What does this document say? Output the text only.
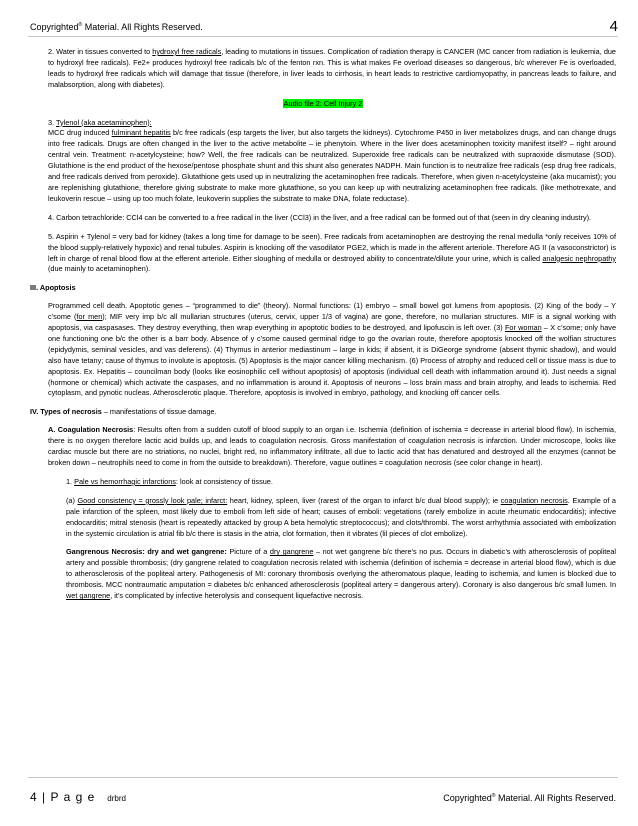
Copyrighted® Material. All Rights Reserved.	4

2. Water in tissues converted to hydroxyl free radicals, leading to mutations in tissues. Complication of radiation therapy is CANCER (MC cancer from radiation is leukemia, due to hydroxyl free radicals). Fe2+ produces hydroxyl free radicals b/c of the fenton rxn. This is what makes Fe overload diseases so dangerous, b/c wherever Fe is overloaded, leads to hydroxyl free radicals which will damage that tissue (therefore, in liver leads to cirrhosis, in heart leads to restrictive cardiomyopathy, in pancreas leads to failure, and malabsorption, along with diabetes).

Audio file 2: Cell Injury 2

3. Tylenol (aka acetaminophen):
MCC drug induced fulminant hepatitis b/c free radicals (esp targets the liver, but also targets the kidneys). Cytochrome P450 in liver metabolizes drugs, and can change drugs into free radicals. Drugs are often changed in the liver to the active metabolite – ie phenytoin. Where in the liver does acetaminophen toxicity manifest itself? – right around central vein. Treatment: n-acetylcysteine; how? Well, the free radicals can be neutralized. Superoxide free radicals can be neutralized with supraoxide dismutase (SOD). Glutathione is the end product of the hexose/pentose phosphate shunt and this shunt also generates NADPH. Main function is to neutralize free radicals (esp drug free radicals, and free radicals derived from peroxide). Glutathione gets used up in neutralizing the acetaminophen free radicals. Therefore, when given n-acetylcysteine (aka mucamist); you are replenishing glutathione, therefore giving substrate to make more glutathione, so you can keep up with neutralizing acetaminophen free radicals. (like methotrexate, and leukoverin rescue – using up too much folate, leukoverin supplies the substrate to make DNA, folate reductase).

4. Carbon tetrachloride: CCl4 can be converted to a free radical in the liver (CCl3) in the liver, and a free radical can be formed out of that (seen in dry cleaning industry).

5. Aspirin + Tylenol = very bad for kidney (takes a long time for damage to be seen). Free radicals from acetaminophen are destroying the renal medulla *only receives 10% of the blood supply-relatively hypoxic) and renal tubules. Aspirin is knocking off the vasodilator PGE2, which is made in the afferent arteriole. Therefore AG II (a vasoconstrictor) is left in charge of renal blood flow at the efferent arteriole. Either sloughing of medulla or destroyed ability to concentrate/dilute your urine, which is called analgesic nephropathy (due mainly to acetaminophen).

III. Apoptosis

Programmed cell death. Apoptotic genes – “programmed to die” (theory). Normal functions: (1) embryo – small bowel got lumens from apoptosis. (2) King of the body – Y c’some (for men); MIF very imp b/c all mullarian structures (uterus, cervix, upper 1/3 of vagina) are gone, therefore, no mullarian structures. MIF is a signal working with apoptosis, via caspasases. They destroy everything, then wrap everything in apoptotic bodies to be destroyed, and lipofuscin is left over. (3) For woman – X c’some; only have one functioning one b/c the other is a barr body. Absence of y c’some caused germinal ridge to go the ovarian route, therefore apoptosis knocked off the wolfian structures (epidydymis, seminal vesicles, and vas deferens). (4) Thymus in anterior mediastinum – large in kids; if absent, it is DiGeorge syndrome (absent thymic shadow), and would also have tetany; cause of thymus to involute is apoptosis. (5) Apoptosis is the major cancer killing mechanism. (6) Process of atrophy and reduced cell or tissue mass is due to apoptosis. Ex. Hepatitis – councilman body (looks like eosinophilic cell without apoptosis) of apoptosis (individual cell death with inflammation around it). Just needs a signal (hormone or chemical) which activate the caspases, and no inflammation is around it. Apoptosis of neurons – loss brain mass and brain atrophy, and leads to ischemia. Red cytoplasm, and pynotic nucleas. Atherosclerotic plaque. Therefore, apoptosis is involved in embryo, pathology, and knocking off cancer cells.

IV. Types of necrosis – manifestations of tissue damage.

A. Coagulation Necrosis: Results often from a sudden cutoff of blood supply to an organ i.e. Ischemia (definition of ischemia = decrease in arterial blood flow). In ischemia, there is no oxygen therefore lactic acid builds up, and leads to coagulation necrosis. Gross manifestation of coagulation necrosis is infarction. Under microscope, looks like cardiac muscle but there are no striations, no nuclei, bright red, no inflammatory infiltrate, all due to lactic acid that has denatured and destroyed all the enzymes (cannot be broken down – neutrophils need to come in from the outside to breakdown). Therefore, vague outlines = coagulation necrosis (see color change in heart).

1. Pale vs hemorrhagic infarctions: look at consistency of tissue.

(a) Good consistency = grossly look pale; infarct: heart, kidney, spleen, liver (rarest of the organ to infarct b/c dual blood supply); ie coagulation necrosis. Example of a pale infarction of the spleen, most likely due to emboli from left side of heart; causes of emboli: vegetations (rarely embolize in acute rheumatic endocarditis); infective endocarditis; mitral stenosis (heart is repeatedly attacked by group A beta hemolytic streptococcus); and clots/thrombi. The worst arrhythmia associated with embolization in the systemic circulation is atrial fib b/c there is stasis in the atria, clot formation, then it vibrates (lil pieces of clot embolize).

Gangrenous Necrosis: dry and wet gangrene: Picture of a dry gangrene – not wet gangrene b/c there’s no pus. Occurs in diabetic’s with atherosclerosis of popliteal artery and possible thrombosis; (dry gangrene related to coagulation necrosis related with ischemia (definition of ischemia = decrease in arterial blood flow), which is due to atherosclerosis of the popliteal artery. Pathogenesis of MI: coronary thrombosis overlying the atheromatous plaque, leading to ischemia, and lumen is blocked due to thrombosis. MCC nontraumatic amputation = diabetes b/c enhanced atherosclerosis (popliteal artery = dangerous artery). Coronary is also dangerous b/c small lumen. In wet gangrene, it’s complicated by infective heterolysis and consequent liquefactive necrosis.

4 | P a g e drbrd	Copyrighted® Material. All Rights Reserved.
